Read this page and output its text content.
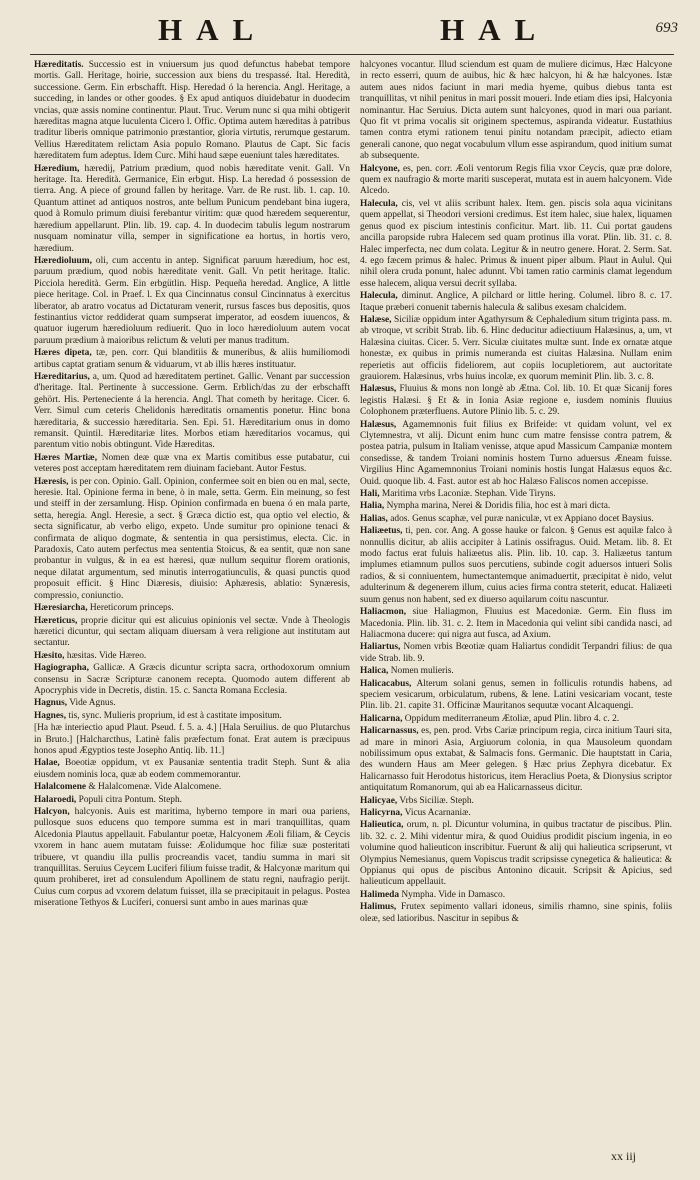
HAL	HAL	693
Hæreditatis. Successio est in vniuersum jus quod defunctus habebat tempore mortis. Gall. Heritage, hoirie, succession aux biens du trespassé. Ital. Heredità, successione. Germ. Ein erbschafft. Hisp. Heredad ó la herencia. Angl. Heritage, a succeding, in landes or other goodes. § Ex apud antiquos diuidebatur in duodecim vncias, quæ assis nomine continentur. Plaut. Truc. Verum nunc si qua mihi obtigerit hæreditas magna atque luculenta Cicero l. Offic. Optima autem hæreditas à patribus traditur liberis omnique patrimonio præstantior, gloria virtutis, rerumque gestarum. Vellius Hæreditatem relictam Asia populo Romano. Plautus de Capt. Sic facis hæreditatem fum adeptus. Idem Curc. Mihi haud sæpe eueniunt tales hæreditates.
Hæredium, hæredij, Patrium prædium, quod nobis hæreditate venit. Gall. Vn heritage. Ita. Heredità. Germanice, Ein erbgut. Hisp. La heredad ó possession de tierra. Ang. A piece of ground fallen by heritage. Varr. de Re rust. lib. 1. cap. 10. Quantum attinet ad antiquos nostros, ante bellum Punicum pendebant bina iugera, quod à Romulo primum diuisi ferebantur viritim: quæ quod hæredem sequerentur, hæredium appellarunt. Plin. lib. 19. cap. 4. In duodecim tabulis legum nostrarum nusquam nominatur villa, semper in significatione ea hortus, in hortis vero, hæredium.
Hæredioluum, oli, cum accentu in antep. Significat paruum hæredium, hoc est, paruum prædium, quod nobis hæreditate venit. Gall. Vn petit heritage. Italic. Picciola heredità. Germ. Ein erbgütlin. Hisp. Pequeña heredad. Anglice, A little piece heritage. Col. in Praef. l. Ex qua Cincinnatus consul Cincinnatus à exercitus liberator, ab aratro vocatus ad Dictaturam venerit, rursus fasces bus depositis, quos festinantius victor reddiderat quam sumpserat imperator, ad eosdem iuuencos, & quatuor iugerum hæredioluum rediuerit. Quo in loco hæredioluum autem vocat paruum prædium à maioribus relictum & veluti per manus traditum.
Hæres dipeta, tæ, pen. corr. Qui blanditiis & muneribus, & aliis humiliomodi artibus captat gratiam senum & viduarum, vt ab illis hæres instituatur.
Hæreditarius, a, um. Quod ad hæreditatem pertinet. Gallic. Venant par succession d'heritage. Ital. Pertinente à successione. Germ. Erblich/das zu der erbschafft gehört. His. Perteneciente á la herencia. Angl. That cometh by heritage. Cicer. 6. Verr. Simul cum ceteris Chelidonis hæreditatis ornamentis ponetur. Hinc bona hæreditaria, & successio hæreditaria. Sen. Epi. 51. Hæreditarium onus in domo remansit. Quintil. Hæreditariæ lites. Morbos etiam hæreditarios vocamus, qui parentum vitio nobis obtingunt. Vide Hæreditas.
Hæres Martiæ, Nomen deæ quæ vna ex Martis comitibus esse putabatur, cui veteres post acceptam hæreditatem rem diuinam faciebant. Autor Festus.
Hæresis, is per con. Opinio. Gall. Opinion, confermee soit en bien ou en mal, secte, heresie. Ital. Opinione ferma in bene, ò in male, setta. Germ. Ein meinung, so fest und steiff in der zersamlung. Hisp. Opinion confirmada en buena ó en mala parte, setta, heregia. Angl. Heresie, a sect. § Græca dictio est, qua optio vel electio, & secta significatur, ab verbo eligo, expeto. Unde sumitur pro opinione tenaci & confirmata de aliquo dogmate, & sententia in qua persistimus, electa. Cic. in Paradoxis, Cato autem perfectus mea sententia Stoicus, & ea sentit, quæ non sane probantur in vulgus, & in ea est hæresi, quæ nullum sequitur florem orationis, neque dilatat argumentum, sed minutis interrogatiunculis, & quasi punctis quod proposuit efficit. § Hinc Diæresis, diuisio: Aphæresis, ablatio: Synæresis, compressio, coniunctio.
Hæresiarcha, Hereticorum princeps.
Hæreticus, proprie dicitur qui est alicuius opinionis vel sectæ. Vnde à Theologis hæretici dicuntur, qui sectam aliquam diuersam à vera religione aut institutam aut sectantur.
Hæsito, hæsitas. Vide Hæreo.
Hagiographa, Gallicæ. A Græcis dicuntur scripta sacra, orthodoxorum omnium consensu in Sacræ Scripturæ canonem recepta. Quomodo autem different ab Apocryphis vide in Decretis, distin. 15. c. Sancta Romana Ecclesia.
Hagnus, Vide Agnus.
Hagnes, tis, sync. Mulieris proprium, id est à castitate impositum.
[Ha hæ interiectio apud Plaut. Pseud. f. 5. a. 4.] [Hala Seruilius. de quo Plutarchus in Bruto.] [Halcharcthus, Latinè falis præfectum fonat. Erat autem is præcipuus honos apud Ægyptios teste Josepho Antiq. lib. 11.]
Halae, Boeotiæ oppidum, vt ex Pausaniæ sententia tradit Steph. Sunt & alia eiusdem nominis loca, quæ ab eodem commemorantur.
Halalcomene & Halalcomenæ. Vide Alalcomene.
Halaroedi, Populi citra Pontum. Steph.
Halcyon, halcyonis. Auis est maritima, hyberno tempore in mari oua pariens, pullosque suos educens quo tempore summa est in mari tranquillitas, quam Alcedonia Plautus appellauit. Fabulantur poetæ, Halcyonem Æoli filiam, & Ceycis vxorem in hanc auem mutatam fuisse: Æolidumque hoc filiæ suæ posteritati tribuere, vt quandiu illa pullis procreandis vacet, tandiu summa in mari sit tranquillitas. Seruius Ceycem Luciferi filium fuisse tradit, & Halcyonæ maritum qui quum prohiberet, iret ad consulendum Apollinem de statu regni, naufragio perijt. Cuius cum corpus ad vxorem delatum fuisset, illa se præcipitauit in pelagus. Postea miseratione Tethyos & Luciferi, conuersi sunt ambo in aues marinas quæ
halcyones vocantur. Illud sciendum est quam de muliere dicimus, Hæc Halcyone in recto esserri, quum de auibus, hic & hæc halcyon, hi & hæ halcyones. Istæ autem aues nidos faciunt in mari media hyeme, quibus diebus tanta est tranquillitas, vt nihil penitus in mari possit moueri. Inde etiam dies ipsi, Halcyonia nominantur. Hac Seruius. Dicta autem sunt halcyones, quod in mari oua pariant. Quo fit vt prima vocalis sit originem spectemus, aspiranda videatur. Eustathius tamen contra etymi rationem tenui pinitu notandam præcipit, adiecto etiam generali canone, quo negat vocabulum vllum esse aspirandum, quod initium sumat ab subsequente.
Halcyone, es, pen. corr. Æoli ventorum Regis filia vxor Ceycis, quæ præ dolore, quem ex naufragio & morte mariti susceperat, mutata est in auem halcyonem. Vide Alcedo.
Halecula, cis, vel vt aliis scribunt halex. Item. gen. piscis sola aqua vicinitans quem appellat, si Theodori versioni credimus. Est item halec, siue halex, liquamen genus quod ex piscium intestinis conficitur. Mart. lib. 11. Cui portat gaudens ancilla paropside rubra Halecem sed quam protinus illa vorat. Plin. lib. 31. c. 8. Halec imperfecta, nec dum colata. Legitur & in neutro genere. Horat. 2. Serm. Sat. 4. ego fæcem primus & halec. Primus & inuent piper album. Plaut in Aulul. Qui nihil olera cruda ponunt, halec adunnt. Vbi tamen ratio carminis clamat legendum esse halecem, aliqua versui decrit syllaba.
Halecula, diminut. Anglice, A pilchard or little hering. Columel. libro 8. c. 17. Itaque præberi conuenit tabernis halecula & salibus exesam chalcidem.
Halæse, Siciliæ oppidum inter Agathyrsum & Cephaledium situm triginta pass. m. ab vtroque, vt scribit Strab. lib. 6. Hinc deducitur adiectiuum Halæsinus, a, um, vt Halæsina ciuitas. Cicer. 5. Verr. Siculæ ciuitates multæ sunt. Inde ex ornatæ atque honestæ, ex quibus in primis numeranda est ciuitas Halæsina. Nullam enim reperietis aut officiis fideliorem, aut copiis locupletiorem, aut auctoritate grauiorem. Halæsinus, vrbs huius incolæ, ex quorum meminit Plin. lib. 3. c. 8.
Halæsus, Fluuius & mons non longè ab Ætna. Col. lib. 10. Et quæ Sicanij fores legistis Halæsi. § Et & in Ionia Asiæ regione e, iusdem nominis fluuius Colophonem præterfluens. Autore Plinio lib. 5. c. 29.
Halæsus, Agamemnonis fuit filius ex Brifeide: vt quidam volunt, vel ex Clytemnestra, vt alij. Dicunt enim hunc cum matre fensisse contra patrem, & postea patria, pulsum in Italiam venisse, atque apud Massicum Campaniæ montem consedisse, & tandem Troiani nominis hostem Turno aduersus Æneam fuisse. Virgilius Hinc Agamemnonius Troiani nominis hostis Iungat Halæsus equos &c. Ouid. quoque lib. 4. Fast. autor est ab hoc Halæso Faliscos nomen accepisse.
Hali, Maritima vrbs Laconiæ. Stephan. Vide Tiryns.
Halia, Nympha marina, Nerei & Doridis filia, hoc est à mari dicta.
Halias, ados. Genus scaphæ, vel puræ naniculæ, vt ex Appiano docet Baysius.
Haliæetus, ti, pen. cor. Ang. A gosse hauke or falcon. § Genus est aquilæ falco à nonnullis dicitur, ab aliis accipiter à Latinis ossifragus. Ouid. Metam. lib. 8. Et modo factus erat fuluis haliæetus alis. Plin. lib. 10. cap. 3. Haliæetus tantum implumes etiamnum pullos suos percutiens, subinde cogit aduersos intueri Solis radios, & si conniuentem, humectantemque animaduertit, præcipitat è nido, velut adulterinum & degenerem illum, cuius acies firma contra steterit, educat. Haliæeti suum genus non habent, sed ex diuerso aquilarum coitu nascuntur.
Haliacmon, siue Haliagmon, Fluuius est Macedoniæ. Germ. Ein fluss im Macedonia. Plin. lib. 31. c. 2. Item in Macedonia qui velint sibi candida nasci, ad Haliacmona ducere: qui nigra aut fusca, ad Axium.
Haliartus, Nomen vrbis Bœotiæ quam Haliartus condidit Terpandri filius: de qua vide Strab. lib. 9.
Halica, Nomen mulieris.
Halicacabus, Alterum solani genus, semen in folliculis rotundis habens, ad speciem vesicarum, orbiculatum, rubens, & lene. Latini vesicariam vocant, teste Plin. lib. 21. capite 31. Officinæ Mauritanos sequutæ vocant Alcaquengi.
Halicarna, Oppidum mediterraneum Ætoliæ, apud Plin. libro 4. c. 2.
Halicarnassus, es, pen. prod. Vrbs Cariæ principum regia, circa initium Tauri sita, ad mare in minori Asia, Argiuorum colonia, in qua Mausoleum quondam nobilissimum opus extabat, & Salmacis fons. Germanic. Die hauptstatt in Caria, des wundern Haus am Meer gelegen. § Hæc prius Zephyra dicebatur. Ex Halicarnasso fuit Herodotus historicus, item Heraclius Poeta, & Dionysius scriptor antiquitatum Romanorum, qui ab ea Halicarnasseus dicitur.
Halicyae, Vrbs Siciliæ. Steph.
Halicyrna, Vicus Acarnaniæ.
Halieutica, orum, n. pl. Dicuntur volumina, in quibus tractatur de piscibus. Plin. lib. 32. c. 2. Mihi videntur mira, & quod Ouidius prodidit piscium ingenia, in eo volumine quod halieuticon inscribitur. Fuerunt & alij qui halieutica scripserunt, vt Olympius Nemesianus, quem Vopiscus tradit scripsisse cynegetica & halieutica: & Oppianus qui opus de piscibus Antonino dicauit. Scripsit & Apicius, sed halieuticum appellauit.
Halimeda Nympha. Vide in Damasco.
Halimus, Frutex sepimento vallari idoneus, similis rhamno, sine spinis, foliis oleæ, sed latioribus. Nascitur in sepibus &
xx iij
